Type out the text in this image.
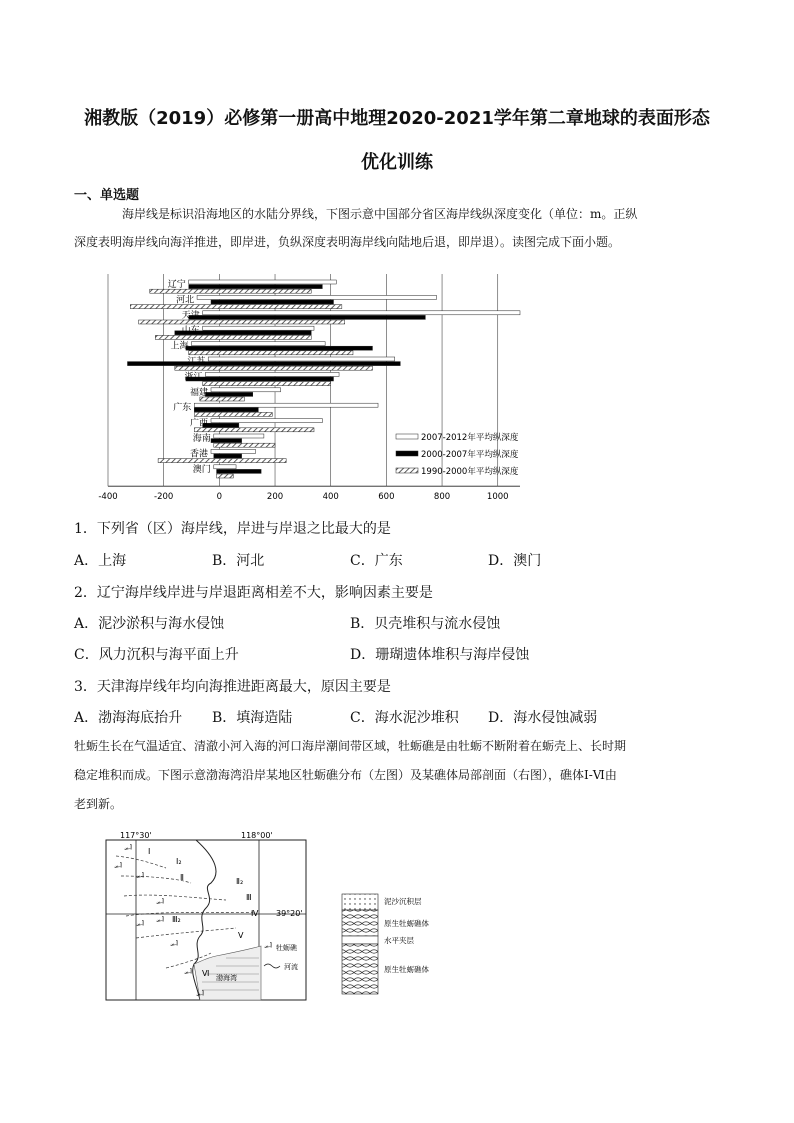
湘教版（2019）必修第一册高中地理2020-2021学年第二章地球的表面形态
优化训练
一、单选题
海岸线是标识沿海地区的水陆分界线，下图示意中国部分省区海岸线纵深度变化（单位：m。正纵
深度表明海岸线向海洋推进，即岸进，负纵深度表明海岸线向陆地后退，即岸退）。读图完成下面小题。
辽宁
河北
天津
山东
上海
江苏
浙江
福建
广东
广西
海南
香港
澳门
-400	-200	0	200	400	600	800	1000
2007-2012年平均纵深度
2000-2007年平均纵深度
1990-2000年平均纵深度
1．下列省（区）海岸线，岸进与岸退之比最大的是
A．上海	B．河北	C．广东	D．澳门
2．辽宁海岸线岸进与岸退距离相差不大，影响因素主要是
A．泥沙淤积与海水侵蚀	B．贝壳堆积与流水侵蚀
C．风力沉积与海平面上升	D．珊瑚遗体堆积与海岸侵蚀
3．天津海岸线年均向海推进距离最大，原因主要是
A．渤海海底抬升 B．填海造陆	C．海水泥沙堆积 D．海水侵蚀减弱
牡蛎生长在气温适宜、清澈小河入海的河口海岸潮间带区域，牡蛎礁是由牡蛎不断附着在蛎壳上、长时期
稳定堆积而成。下图示意渤海湾沿岸某地区牡蛎礁分布（左图）及某礁体局部剖面（右图），礁体Ⅰ-Ⅵ由
老到新。
117°30'	118°00'
39°20'
渤海湾
Ⅰ
Ⅰ₂
Ⅱ	Ⅱ₂
Ⅲ
Ⅲ₂
Ⅳ
Ⅴ
Ⅵ
ᆈ
ᆈ
ᆈ
ᆈ
ᆈ ᆈ
ᆈ
ᆈ
ᆈ
ᆈ 牡蛎礁
河流
泥沙沉积层
原生牡蛎礁体
水平夹层
原生牡蛎礁体
